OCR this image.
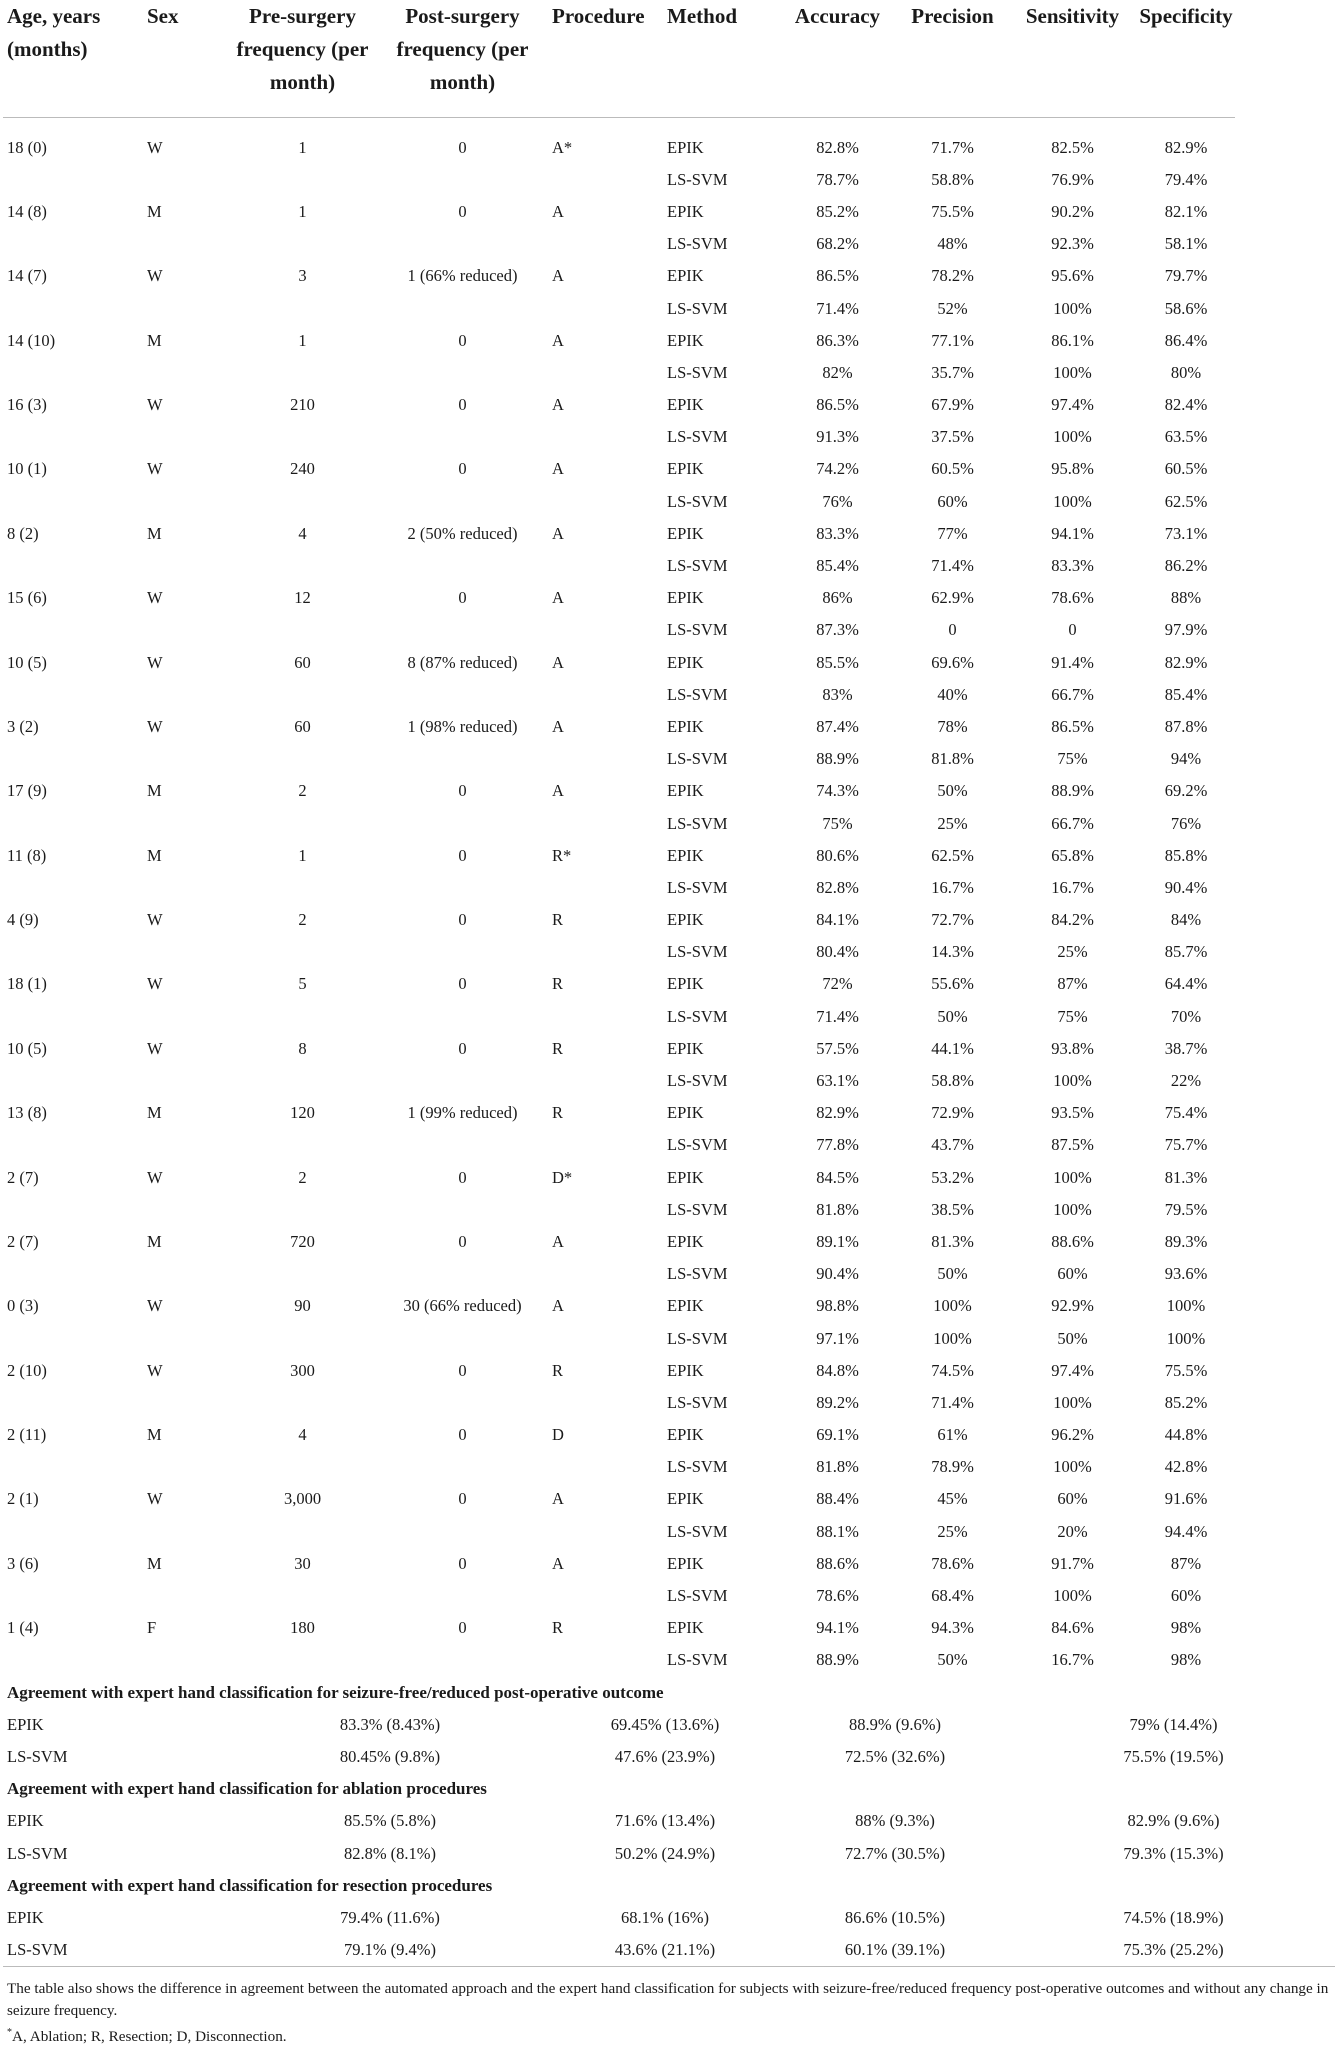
Age, years (months)	Sex	Pre-surgery frequency (per month)	Post-surgery frequency (per month)	Procedure	Method	Accuracy	Precision	Sensitivity	Specificity

18 (0)	W	1	0	A*	EPIK	82.8%	71.7%	82.5%	82.9%
					LS-SVM	78.7%	58.8%	76.9%	79.4%
14 (8)	M	1	0	A	EPIK	85.2%	75.5%	90.2%	82.1%
					LS-SVM	68.2%	48%	92.3%	58.1%
14 (7)	W	3	1 (66% reduced)	A	EPIK	86.5%	78.2%	95.6%	79.7%
					LS-SVM	71.4%	52%	100%	58.6%
14 (10)	M	1	0	A	EPIK	86.3%	77.1%	86.1%	86.4%
					LS-SVM	82%	35.7%	100%	80%
16 (3)	W	210	0	A	EPIK	86.5%	67.9%	97.4%	82.4%
					LS-SVM	91.3%	37.5%	100%	63.5%
10 (1)	W	240	0	A	EPIK	74.2%	60.5%	95.8%	60.5%
					LS-SVM	76%	60%	100%	62.5%
8 (2)	M	4	2 (50% reduced)	A	EPIK	83.3%	77%	94.1%	73.1%
					LS-SVM	85.4%	71.4%	83.3%	86.2%
15 (6)	W	12	0	A	EPIK	86%	62.9%	78.6%	88%
					LS-SVM	87.3%	0	0	97.9%
10 (5)	W	60	8 (87% reduced)	A	EPIK	85.5%	69.6%	91.4%	82.9%
					LS-SVM	83%	40%	66.7%	85.4%
3 (2)	W	60	1 (98% reduced)	A	EPIK	87.4%	78%	86.5%	87.8%
					LS-SVM	88.9%	81.8%	75%	94%
17 (9)	M	2	0	A	EPIK	74.3%	50%	88.9%	69.2%
					LS-SVM	75%	25%	66.7%	76%
11 (8)	M	1	0	R*	EPIK	80.6%	62.5%	65.8%	85.8%
					LS-SVM	82.8%	16.7%	16.7%	90.4%
4 (9)	W	2	0	R	EPIK	84.1%	72.7%	84.2%	84%
					LS-SVM	80.4%	14.3%	25%	85.7%
18 (1)	W	5	0	R	EPIK	72%	55.6%	87%	64.4%
					LS-SVM	71.4%	50%	75%	70%
10 (5)	W	8	0	R	EPIK	57.5%	44.1%	93.8%	38.7%
					LS-SVM	63.1%	58.8%	100%	22%
13 (8)	M	120	1 (99% reduced)	R	EPIK	82.9%	72.9%	93.5%	75.4%
					LS-SVM	77.8%	43.7%	87.5%	75.7%
2 (7)	W	2	0	D*	EPIK	84.5%	53.2%	100%	81.3%
					LS-SVM	81.8%	38.5%	100%	79.5%
2 (7)	M	720	0	A	EPIK	89.1%	81.3%	88.6%	89.3%
					LS-SVM	90.4%	50%	60%	93.6%
0 (3)	W	90	30 (66% reduced)	A	EPIK	98.8%	100%	92.9%	100%
					LS-SVM	97.1%	100%	50%	100%
2 (10)	W	300	0	R	EPIK	84.8%	74.5%	97.4%	75.5%
					LS-SVM	89.2%	71.4%	100%	85.2%
2 (11)	M	4	0	D	EPIK	69.1%	61%	96.2%	44.8%
					LS-SVM	81.8%	78.9%	100%	42.8%
2 (1)	W	3,000	0	A	EPIK	88.4%	45%	60%	91.6%
					LS-SVM	88.1%	25%	20%	94.4%
3 (6)	M	30	0	A	EPIK	88.6%	78.6%	91.7%	87%
					LS-SVM	78.6%	68.4%	100%	60%
1 (4)	F	180	0	R	EPIK	94.1%	94.3%	84.6%	98%
					LS-SVM	88.9%	50%	16.7%	98%
Agreement with expert hand classification for seizure-free/reduced post-operative outcome									
EPIK		83.3% (8.43%)		69.45% (13.6%)		88.9% (9.6%)		79% (14.4%)	
LS-SVM		80.45% (9.8%)		47.6% (23.9%)		72.5% (32.6%)		75.5% (19.5%)	
Agreement with expert hand classification for ablation procedures									
EPIK		85.5% (5.8%)		71.6% (13.4%)		88% (9.3%)		82.9% (9.6%)	
LS-SVM		82.8% (8.1%)		50.2% (24.9%)		72.7% (30.5%)		79.3% (15.3%)	
Agreement with expert hand classification for resection procedures									
EPIK		79.4% (11.6%)		68.1% (16%)		86.6% (10.5%)		74.5% (18.9%)	
LS-SVM		79.1% (9.4%)		43.6% (21.1%)		60.1% (39.1%)		75.3% (25.2%)	

The table also shows the difference in agreement between the automated approach and the expert hand classification for subjects with seizure-free/reduced frequency post-operative outcomes and without any change in seizure frequency.

*A, Ablation; R, Resection; D, Disconnection.
